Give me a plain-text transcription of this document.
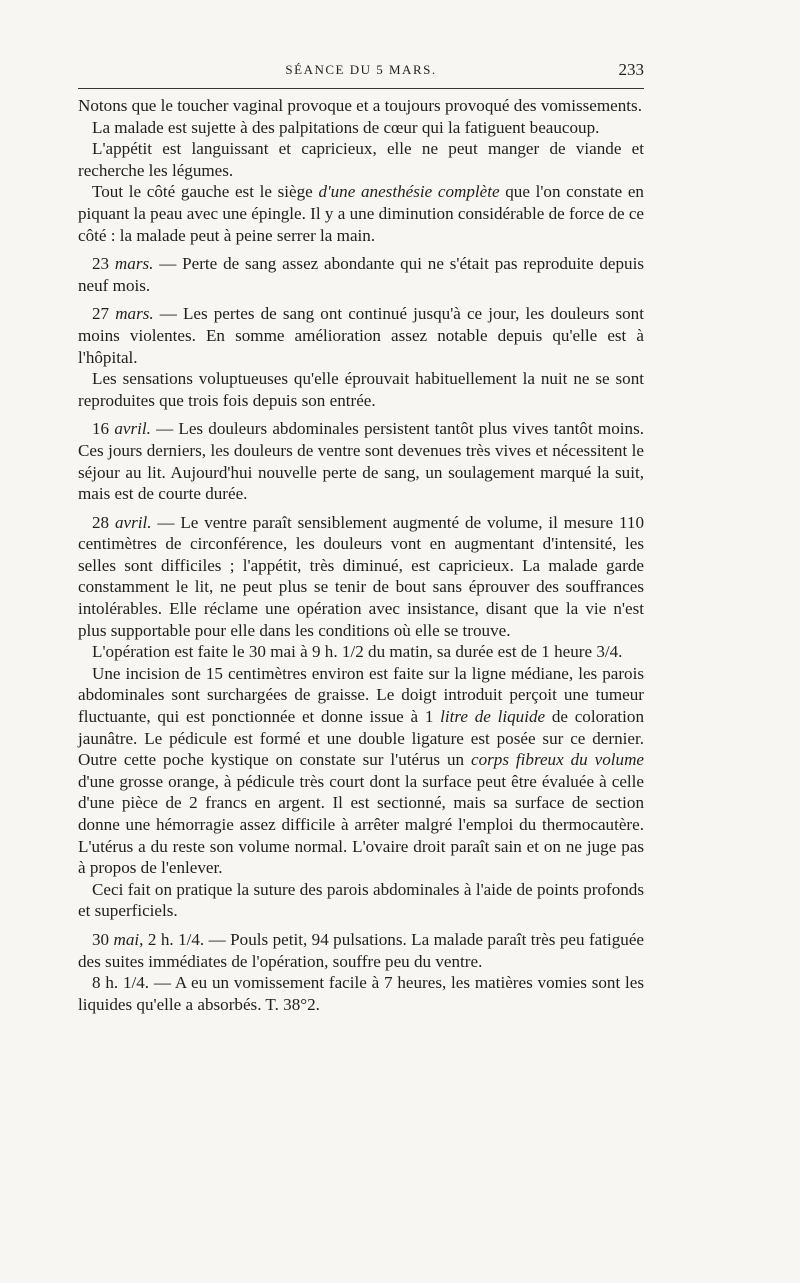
SÉANCE DU 5 MARS.	233

Notons que le toucher vaginal provoque et a toujours provoqué des vomissements.

La malade est sujette à des palpitations de cœur qui la fatiguent beaucoup.

L'appétit est languissant et capricieux, elle ne peut manger de viande et recherche les légumes.

Tout le côté gauche est le siège d'une anesthésie complète que l'on constate en piquant la peau avec une épingle. Il y a une diminution considérable de force de ce côté : la malade peut à peine serrer la main.

23 mars. — Perte de sang assez abondante qui ne s'était pas reproduite depuis neuf mois.

27 mars. — Les pertes de sang ont continué jusqu'à ce jour, les douleurs sont moins violentes. En somme amélioration assez notable depuis qu'elle est à l'hôpital.

Les sensations voluptueuses qu'elle éprouvait habituellement la nuit ne se sont reproduites que trois fois depuis son entrée.

16 avril. — Les douleurs abdominales persistent tantôt plus vives tantôt moins. Ces jours derniers, les douleurs de ventre sont devenues très vives et nécessitent le séjour au lit. Aujourd'hui nouvelle perte de sang, un soulagement marqué la suit, mais est de courte durée.

28 avril. — Le ventre paraît sensiblement augmenté de volume, il mesure 110 centimètres de circonférence, les douleurs vont en augmentant d'intensité, les selles sont difficiles ; l'appétit, très diminué, est capricieux. La malade garde constamment le lit, ne peut plus se tenir de bout sans éprouver des souffrances intolérables. Elle réclame une opération avec insistance, disant que la vie n'est plus supportable pour elle dans les conditions où elle se trouve.

L'opération est faite le 30 mai à 9 h. 1/2 du matin, sa durée est de 1 heure 3/4.

Une incision de 15 centimètres environ est faite sur la ligne médiane, les parois abdominales sont surchargées de graisse. Le doigt introduit perçoit une tumeur fluctuante, qui est ponctionnée et donne issue à 1 litre de liquide de coloration jaunâtre. Le pédicule est formé et une double ligature est posée sur ce dernier. Outre cette poche kystique on constate sur l'utérus un corps fibreux du volume d'une grosse orange, à pédicule très court dont la surface peut être évaluée à celle d'une pièce de 2 francs en argent. Il est sectionné, mais sa surface de section donne une hémorragie assez difficile à arrêter malgré l'emploi du thermocautère. L'utérus a du reste son volume normal. L'ovaire droit paraît sain et on ne juge pas à propos de l'enlever.

Ceci fait on pratique la suture des parois abdominales à l'aide de points profonds et superficiels.

30 mai, 2 h. 1/4. — Pouls petit, 94 pulsations. La malade paraît très peu fatiguée des suites immédiates de l'opération, souffre peu du ventre.

8 h. 1/4. — A eu un vomissement facile à 7 heures, les matières vomies sont les liquides qu'elle a absorbés. T. 38°2.
